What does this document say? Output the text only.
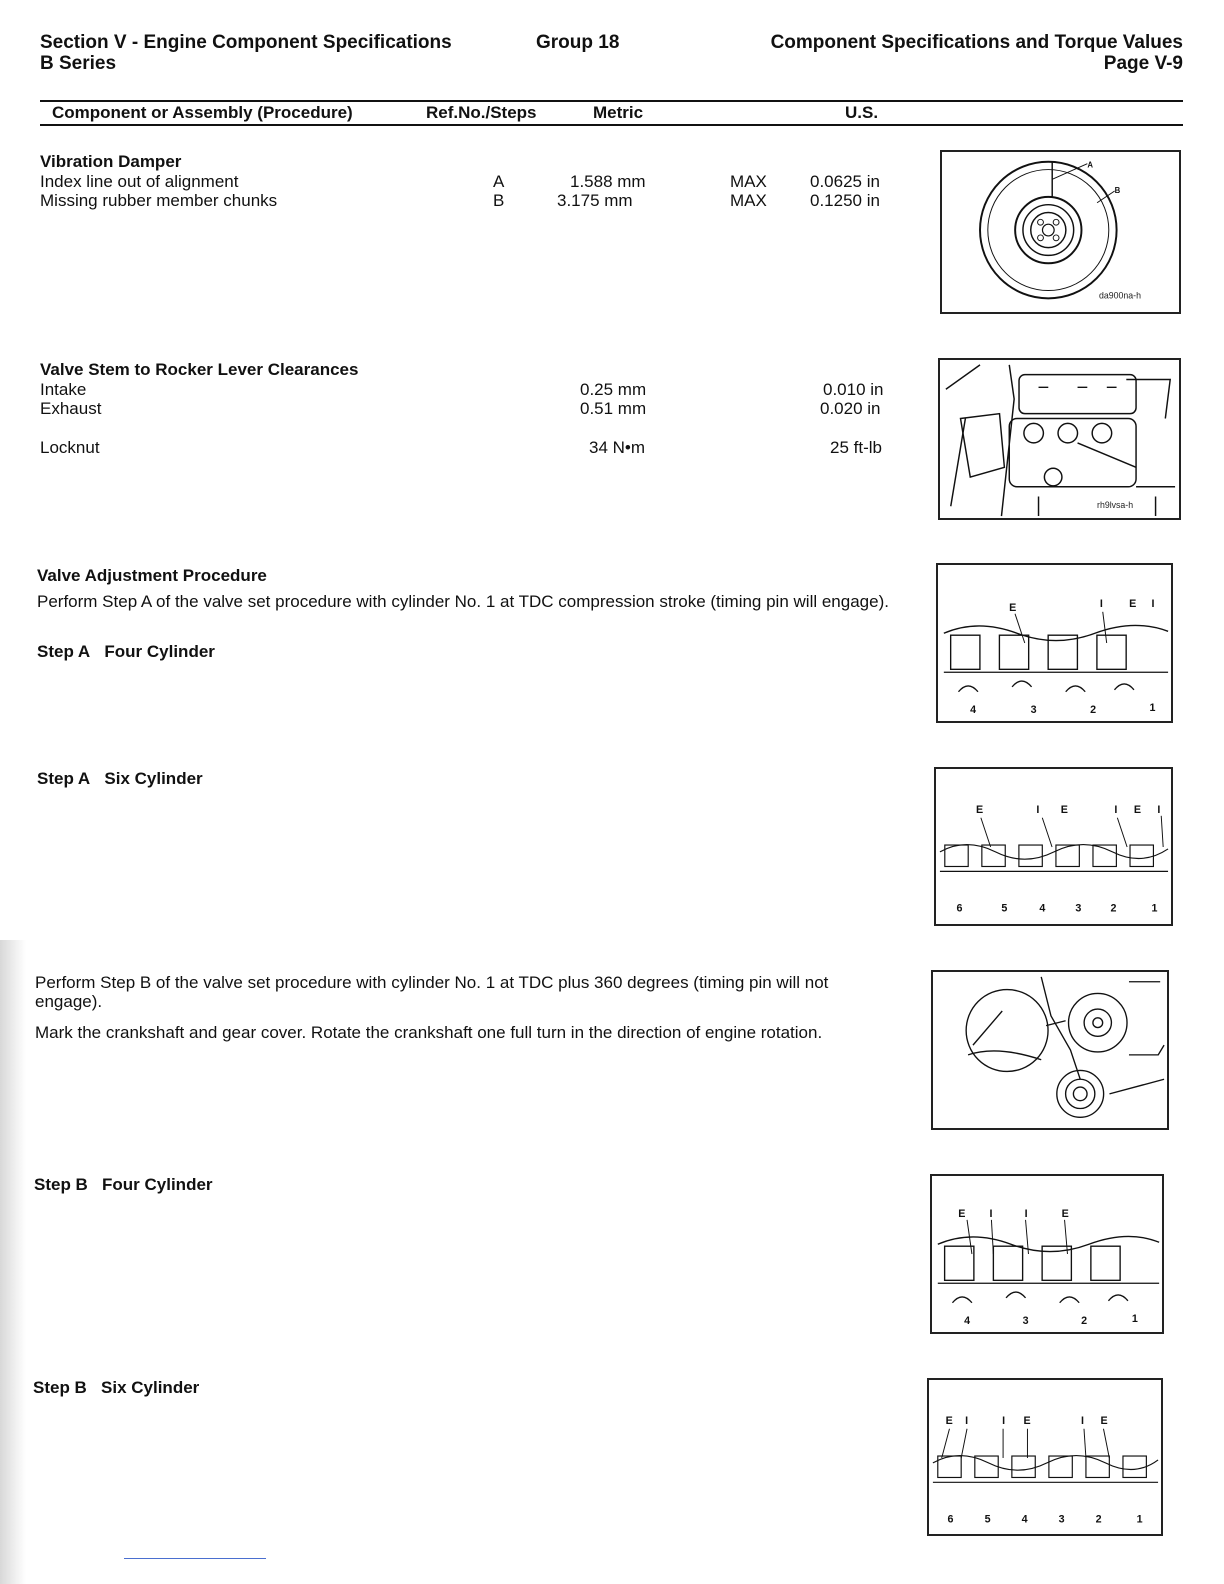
Section V - Engine Component Specifications	Group 18
B Series
Component Specifications and Torque Values
Page V-9
Component or Assembly (Procedure)	Ref.No./Steps	Metric	U.S.
Vibration Damper
Index line out of alignment	A	1.588 mm	MAX	0.0625 in
Missing rubber member chunks	B	3.175 mm	MAX	0.1250 in
A
B
da900na-h
Valve Stem to Rocker Lever Clearances
Intake	0.25 mm	0.010 in
Exhaust	0.51 mm	0.020 in
Locknut	34 N•m	25 ft-lb
rh9lvsa-h
Valve Adjustment Procedure
Perform Step A of the valve set procedure with cylinder No. 1 at TDC compression stroke (timing pin will engage).
Step A Four Cylinder
E	I E I
4	3	2	1
Step A Six Cylinder
E	I E	I E I
6	5	4	3	2	1
Perform Step B of the valve set procedure with cylinder No. 1 at TDC plus 360 degrees (timing pin will not engage).
Mark the crankshaft and gear cover. Rotate the crankshaft one full turn in the direction of engine rotation.
Step B Four Cylinder
E I	I	E
4	3	2	1
Step B Six Cylinder
E I	I E	I E
6	5	4	3	2	1
